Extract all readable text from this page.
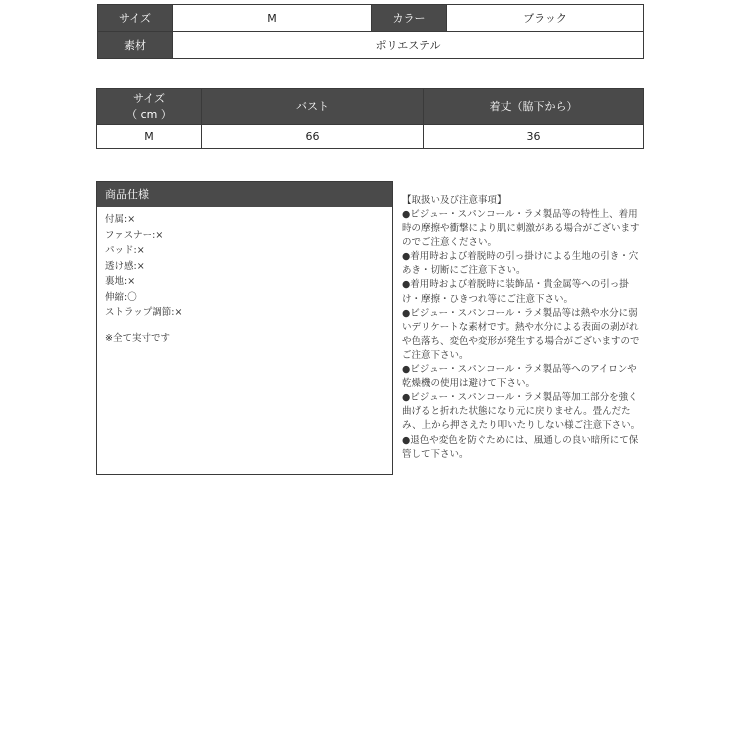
サイズ	M	カラー	ブラック
素材	ポリエステル		
サイズ
（ cm ）	バスト	着丈（脇下から）
M	66	36
商品仕様
付属:×
ファスナー:×
パッド:×
透け感:×
裏地:×
伸縮:〇
ストラップ調節:×
※全て実寸です
【取扱い及び注意事項】
●ビジュー・スパンコール・ラメ製品等の特性上、着用時の摩擦や衝撃により肌に刺激がある場合がございますのでご注意ください。
●着用時および着脱時の引っ掛けによる生地の引き・穴あき・切断にご注意下さい。
●着用時および着脱時に装飾品・貴金属等への引っ掛け・摩擦・ひきつれ等にご注意下さい。
●ビジュー・スパンコール・ラメ製品等は熱や水分に弱いデリケートな素材です。熱や水分による表面の剥がれや色落ち、変色や変形が発生する場合がございますのでご注意下さい。
●ビジュー・スパンコール・ラメ製品等へのアイロンや乾燥機の使用は避けて下さい。
●ビジュー・スパンコール・ラメ製品等加工部分を強く曲げると折れた状態になり元に戻りません。畳んだたみ、上から押さえたり叩いたりしない様ご注意下さい。
●退色や変色を防ぐためには、風通しの良い暗所にて保管して下さい。
